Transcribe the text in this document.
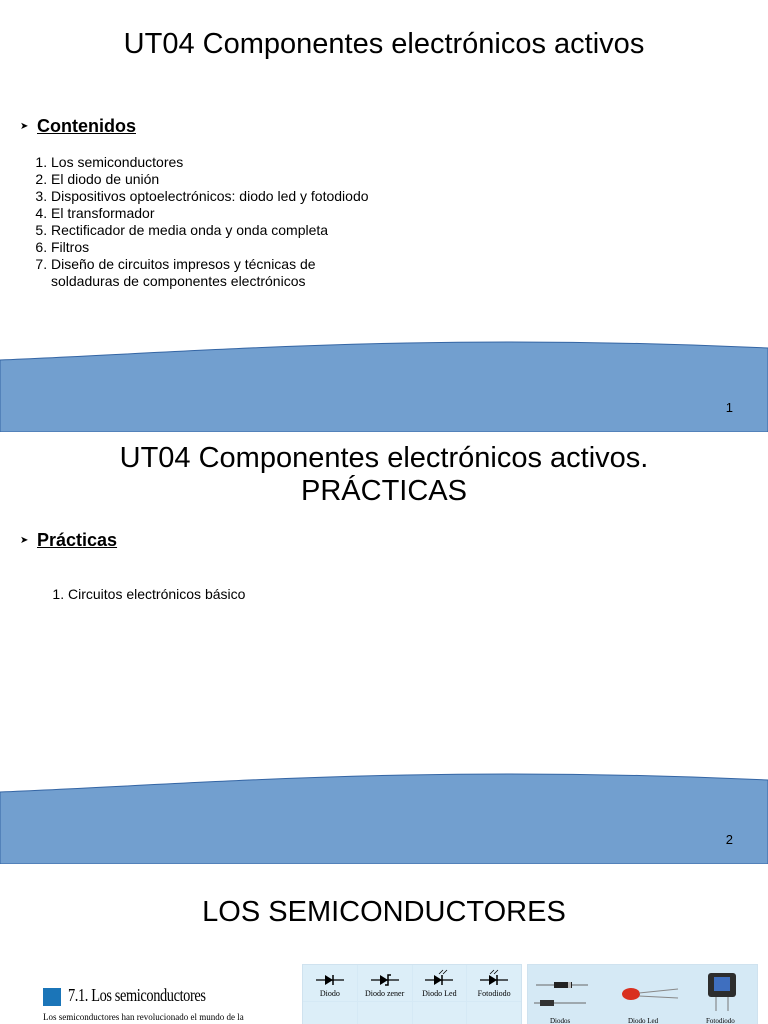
UT04 Componentes electrónicos activos
➤ Contenidos
1. Los semiconductores
2. El diodo de unión
3. Dispositivos optoelectrónicos: diodo led y fotodiodo
4. El transformador
5. Rectificador de media onda y onda completa
6. Filtros
7. Diseño de circuitos impresos y técnicas de soldaduras de componentes electrónicos
1
UT04 Componentes electrónicos activos.
PRÁCTICAS
➤ Prácticas
1. Circuitos electrónicos básico
2
LOS SEMICONDUCTORES
7.1. Los semiconductores
Los semiconductores han revolucionado el mundo de la
Diodo	Diodo zener	Diodo Led	Fotodiodo
Diodos	Diodo Led	Fotodiodo
